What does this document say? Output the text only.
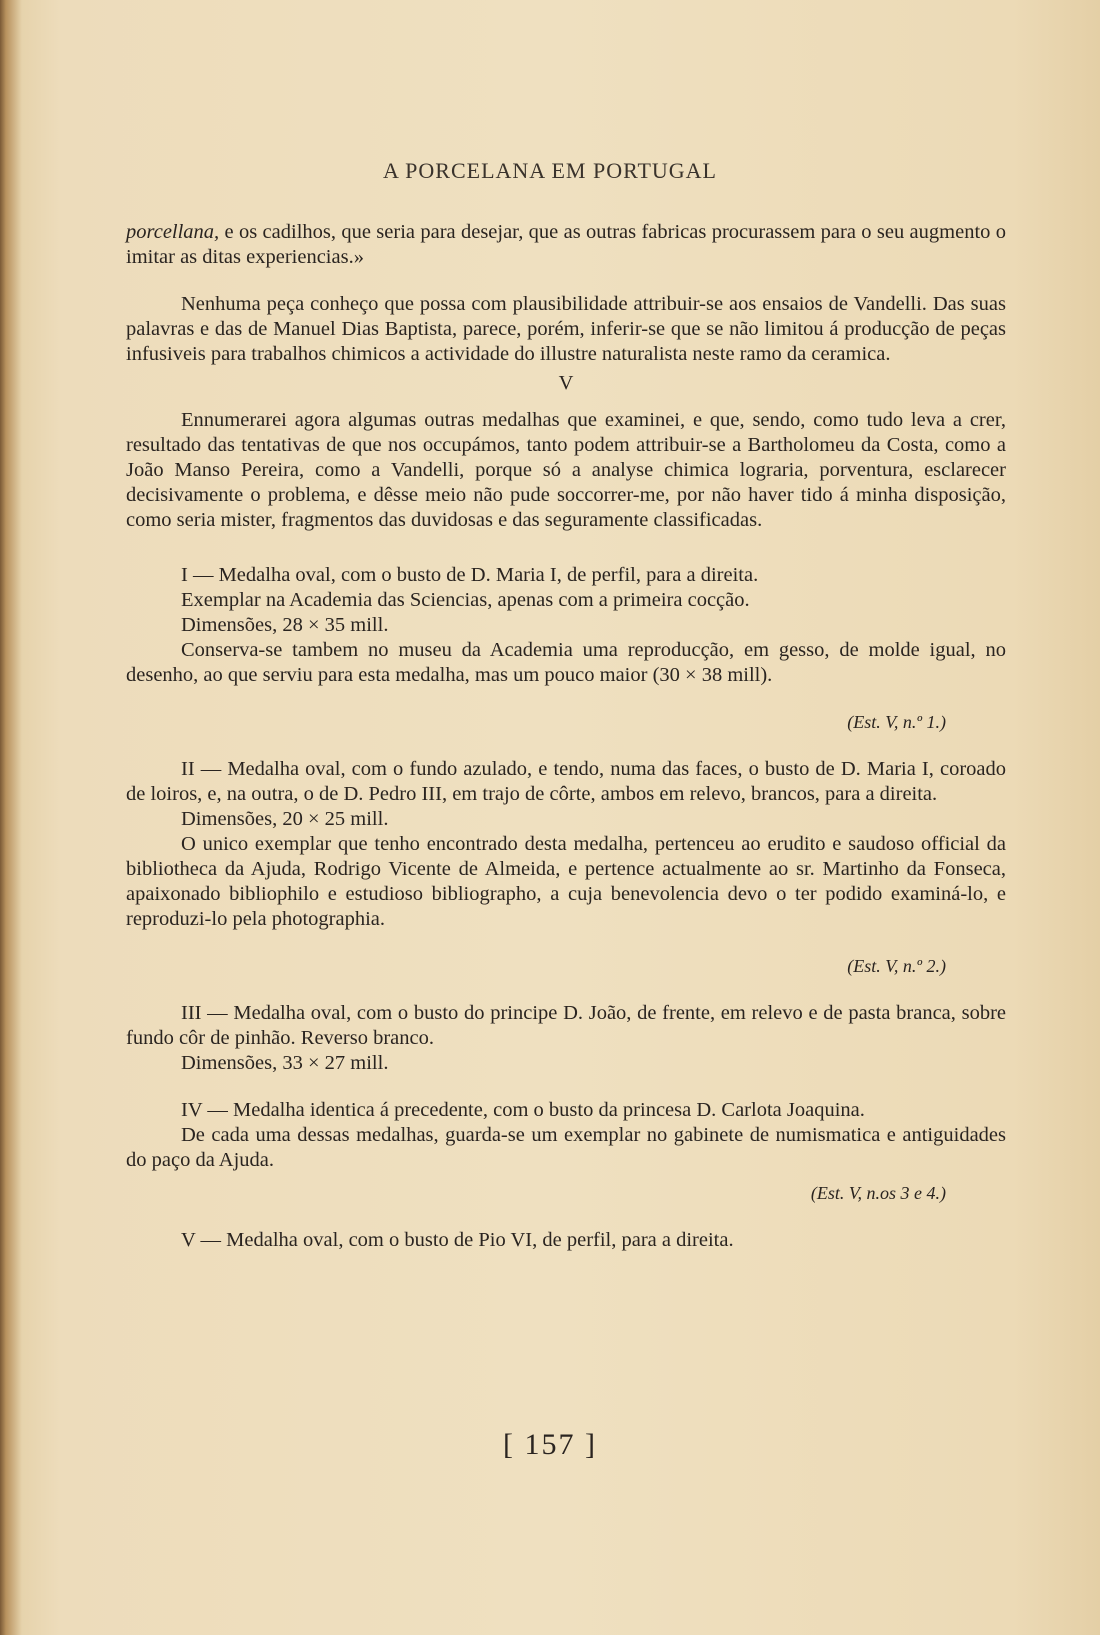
A PORCELANA EM PORTUGAL

porcellana, e os cadilhos, que seria para desejar, que as outras fabricas procurassem para o seu augmento o imitar as ditas experiencias.»

Nenhuma peça conheço que possa com plausibilidade attribuir-se aos ensaios de Vandelli. Das suas palavras e das de Manuel Dias Baptista, parece, porém, inferir-se que se não limitou á producção de peças infusiveis para trabalhos chimicos a actividade do illustre naturalista neste ramo da ceramica.

V

Ennumerarei agora algumas outras medalhas que examinei, e que, sendo, como tudo leva a crer, resultado das tentativas de que nos occupámos, tanto podem attribuir-se a Bartholomeu da Costa, como a João Manso Pereira, como a Vandelli, porque só a analyse chimica lograria, porventura, esclarecer decisivamente o problema, e dêsse meio não pude soccorrer-me, por não haver tido á minha disposição, como seria mister, fragmentos das duvidosas e das seguramente classificadas.

I — Medalha oval, com o busto de D. Maria I, de perfil, para a direita.

Exemplar na Academia das Sciencias, apenas com a primeira cocção.

Dimensões, 28 × 35 mill.

Conserva-se tambem no museu da Academia uma reproducção, em gesso, de molde igual, no desenho, ao que serviu para esta medalha, mas um pouco maior (30 × 38 mill).

(Est. V, n.º 1.)

II — Medalha oval, com o fundo azulado, e tendo, numa das faces, o busto de D. Maria I, coroado de loiros, e, na outra, o de D. Pedro III, em trajo de côrte, ambos em relevo, brancos, para a direita.

Dimensões, 20 × 25 mill.

O unico exemplar que tenho encontrado desta medalha, pertenceu ao erudito e saudoso official da bibliotheca da Ajuda, Rodrigo Vicente de Almeida, e pertence actualmente ao sr. Martinho da Fonseca, apaixonado bibliophilo e estudioso bibliographo, a cuja benevolencia devo o ter podido examiná-lo, e reproduzi-lo pela photographia.

(Est. V, n.º 2.)

III — Medalha oval, com o busto do principe D. João, de frente, em relevo e de pasta branca, sobre fundo côr de pinhão. Reverso branco.

Dimensões, 33 × 27 mill.

IV — Medalha identica á precedente, com o busto da princesa D. Carlota Joaquina.

De cada uma dessas medalhas, guarda-se um exemplar no gabinete de numismatica e antiguidades do paço da Ajuda.

(Est. V, n.os 3 e 4.)

V — Medalha oval, com o busto de Pio VI, de perfil, para a direita.

[ 157 ]
